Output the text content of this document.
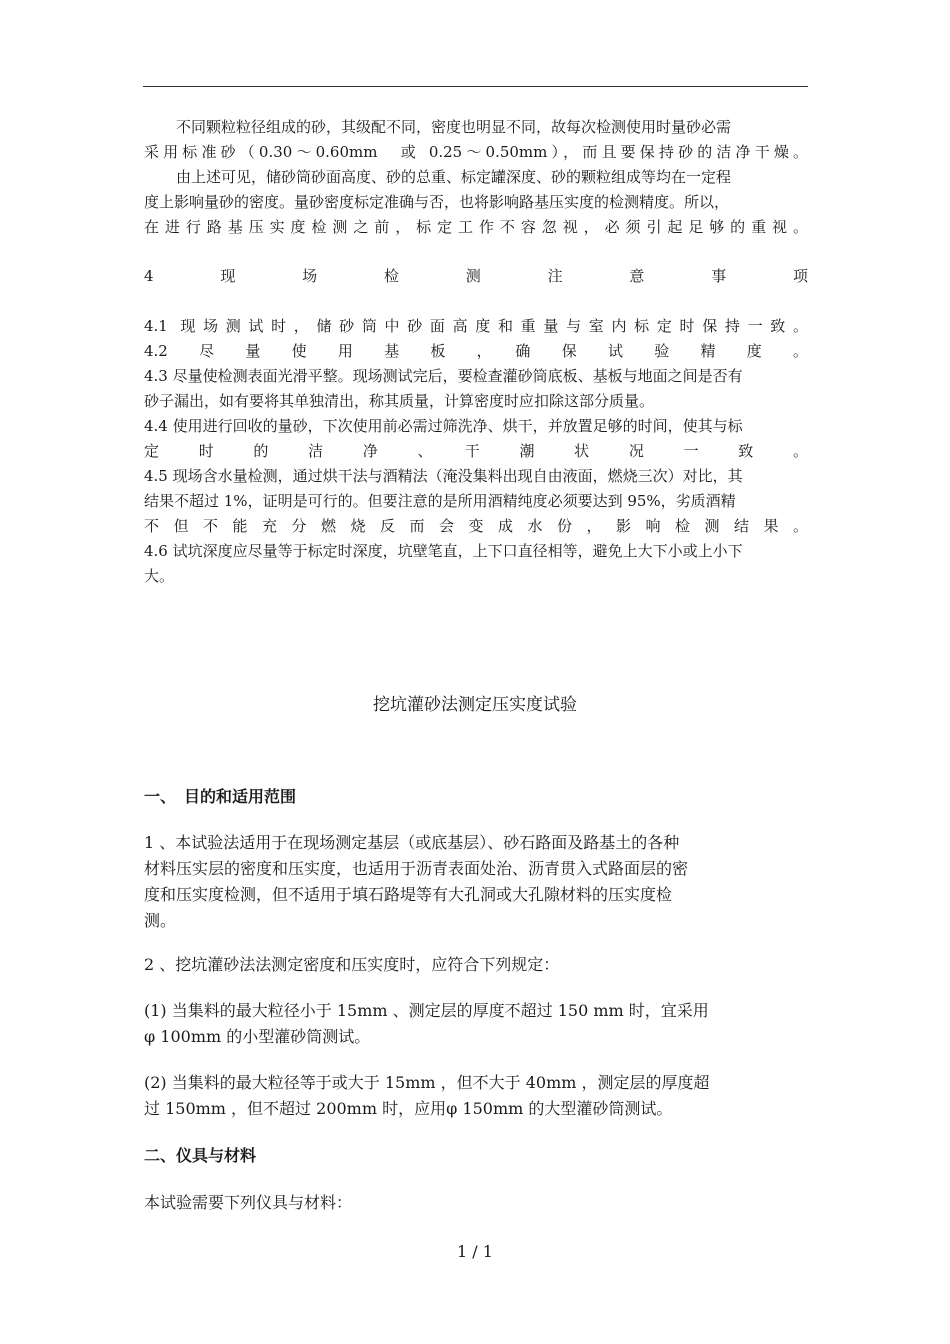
不同颗粒粒径组成的砂，其级配不同，密度也明显不同，故每次检测使用时量砂必需

采用标准砂（0.30～0.60mm　或 0.25～0.50mm），而且要保持砂的洁净干燥。

由上述可见，储砂筒砂面高度、砂的总重、标定罐深度、砂的颗粒组成等均在一定程

度上影响量砂的密度。量砂密度标定准确与否，也将影响路基压实度的检测精度。所以，

在进行路基压实度检测之前，标定工作不容忽视，必须引起足够的重视。

4　现　场　检　测　注　意　事　项

4.1 现场测试时，储砂筒中砂面高度和重量与室内标定时保持一致。

4.2　尽　量　使　用　基　板　，　确　保　试　验　精　度　。

4.3 尽量使检测表面光滑平整。现场测试完后，要检查灌砂筒底板、基板与地面之间是否有

砂子漏出，如有要将其单独清出，称其质量，计算密度时应扣除这部分质量。

4.4 使用进行回收的量砂，下次使用前必需过筛洗净、烘干，并放置足够的时间，使其与标

定　时　的　洁　净　、　干　潮　状　况　一　致　。

4.5 现场含水量检测，通过烘干法与酒精法（淹没集料出现自由液面，燃烧三次）对比，其

结果不超过 1%，证明是可行的。但要注意的是所用酒精纯度必须要达到 95%，劣质酒精

不但不能充分燃烧反而会变成水份，影响检测结果。

4.6 试坑深度应尽量等于标定时深度，坑壁笔直，上下口直径相等，避免上大下小或上小下

大。

挖坑灌砂法测定压实度试验

一、　目的和适用范围

1 、本试验法适用于在现场测定基层（或底基层）、砂石路面及路基土的各种

材料压实层的密度和压实度，也适用于沥青表面处治、沥青贯入式路面层的密

度和压实度检测，但不适用于填石路堤等有大孔洞或大孔隙材料的压实度检

测。

2 、挖坑灌砂法法测定密度和压实度时，应符合下列规定：

(1) 当集料的最大粒径小于 15mm 、测定层的厚度不超过 150 mm 时，宜采用

φ 100mm 的小型灌砂筒测试。

(2) 当集料的最大粒径等于或大于 15mm ，但不大于 40mm ，测定层的厚度超

过 150mm ，但不超过 200mm 时，应用φ 150mm 的大型灌砂筒测试。

二、仪具与材料

本试验需要下列仪具与材料：

1 / 1
